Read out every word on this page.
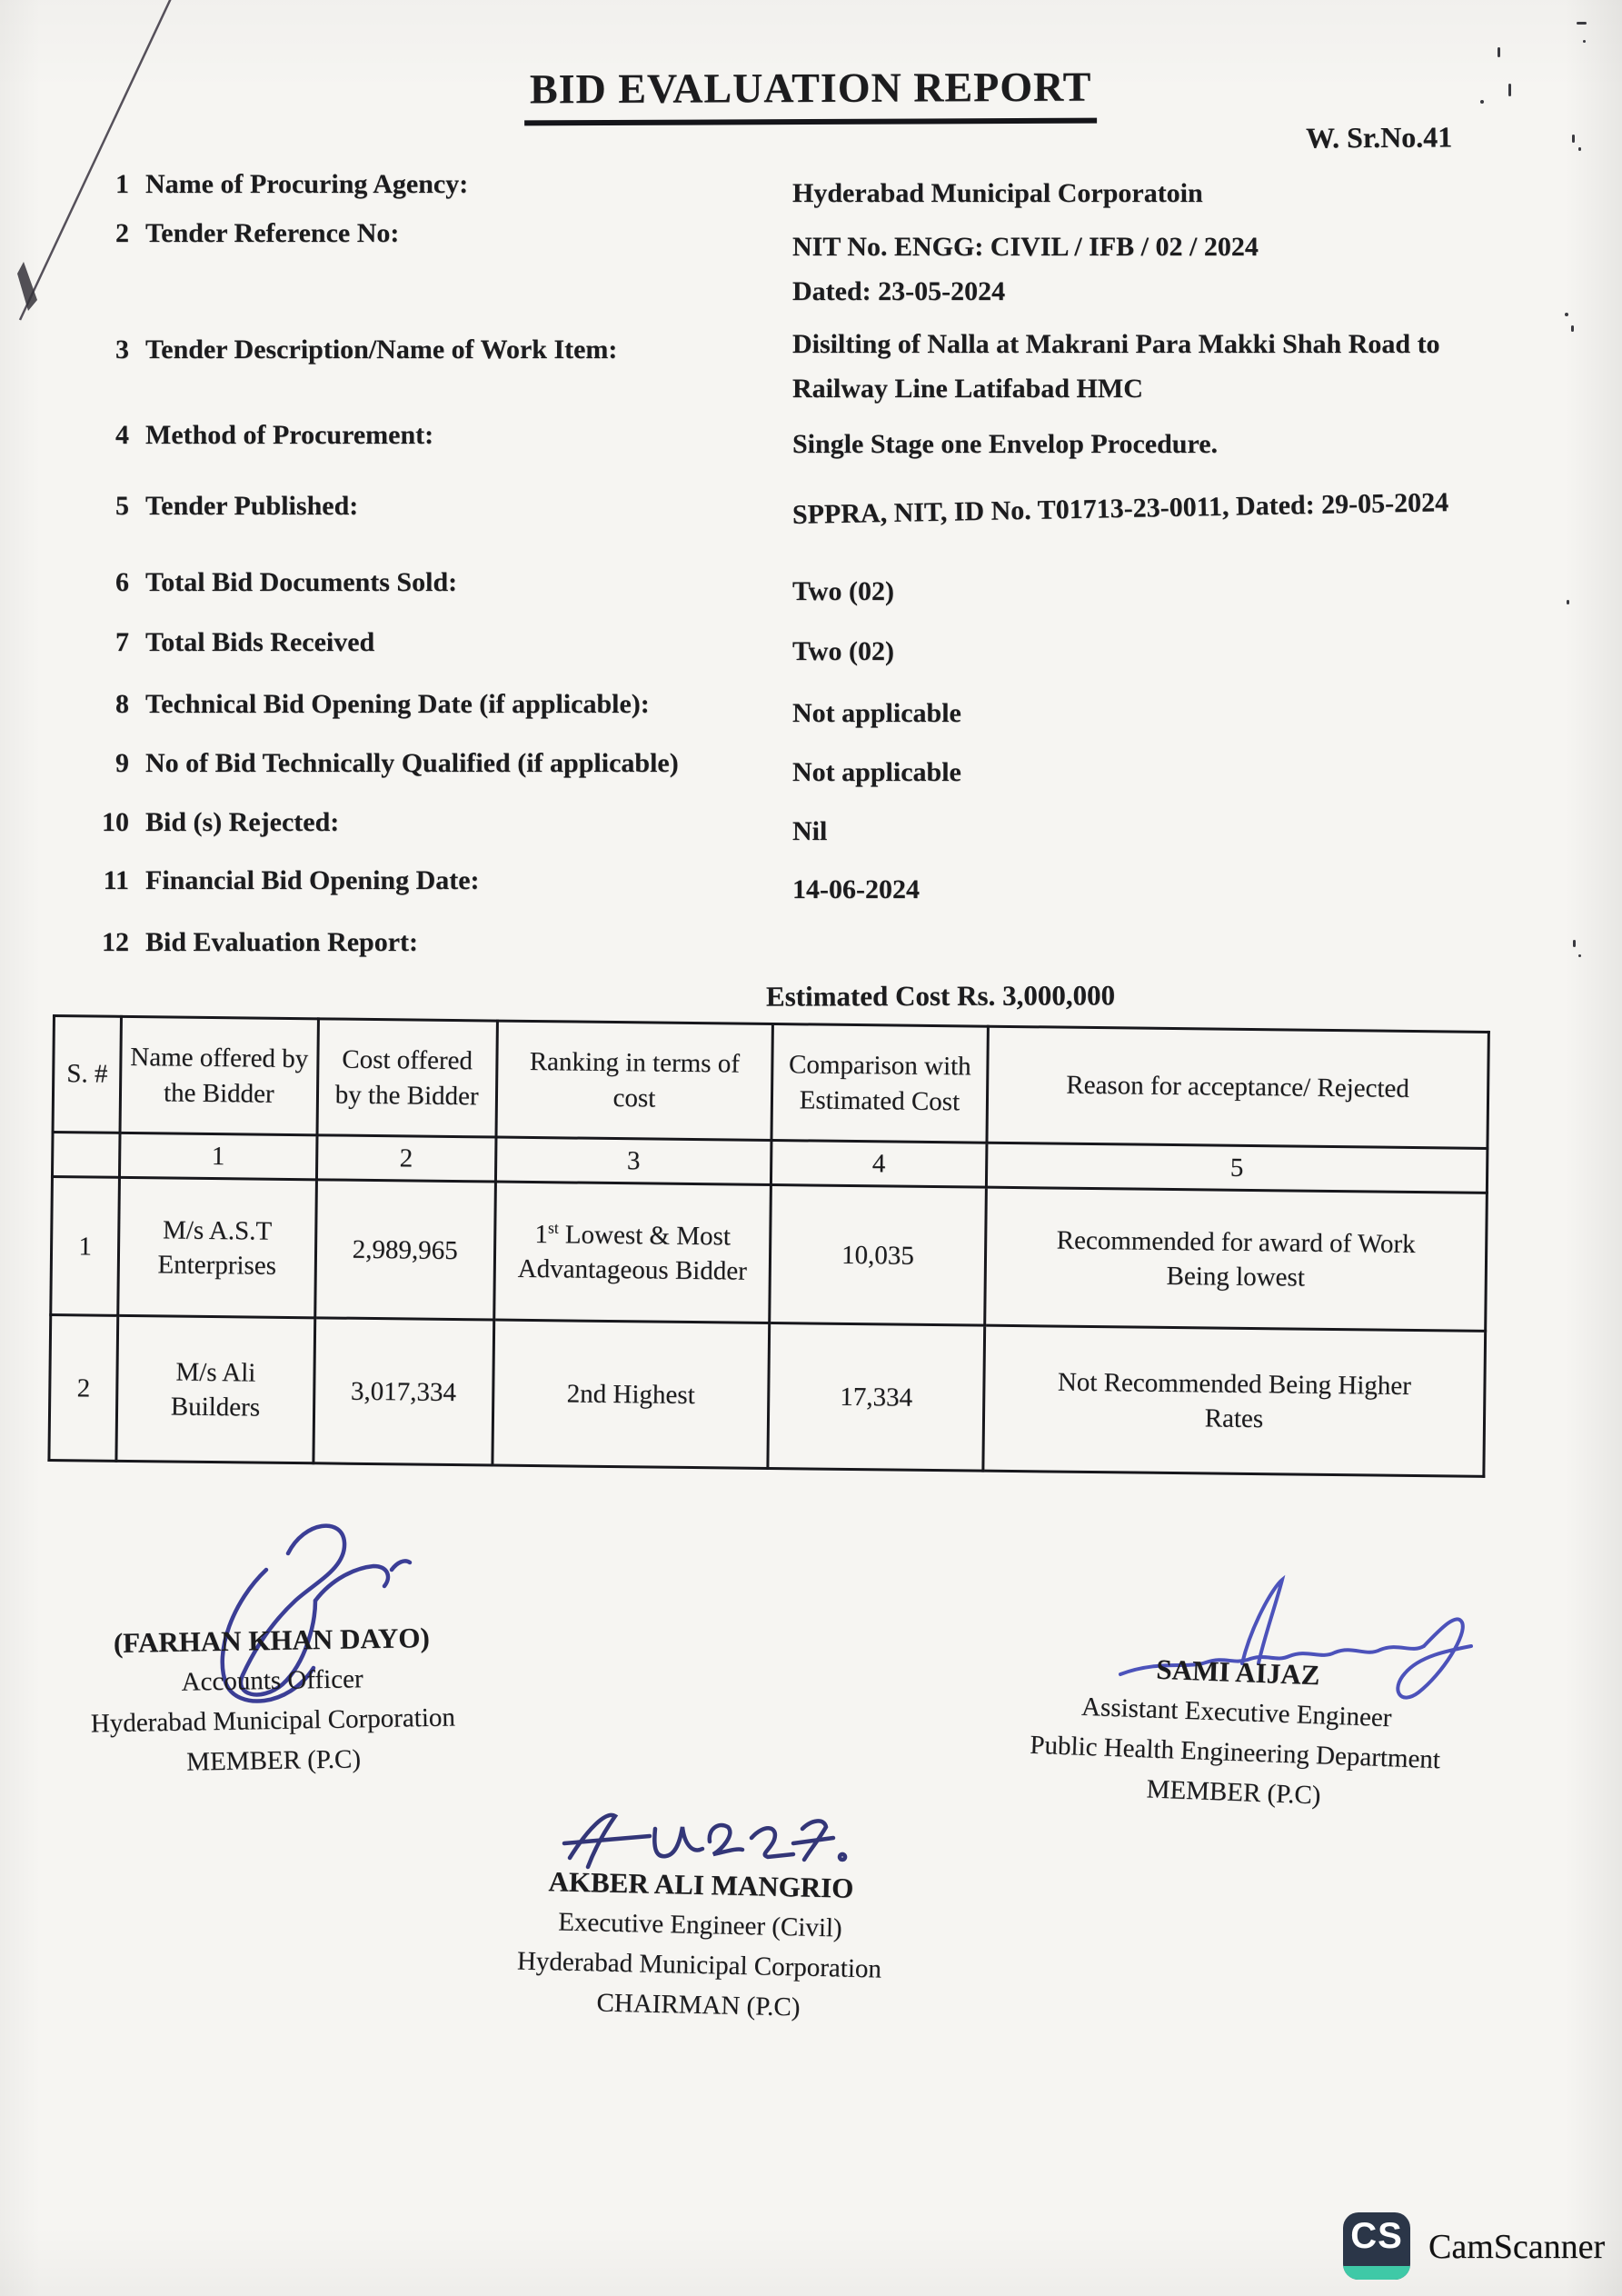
BID EVALUATION REPORT
W. Sr.No.41
1 Name of Procuring Agency:	Hyderabad Municipal Corporatoin
2 Tender Reference No:	NIT No. ENGG: CIVIL / IFB / 02 / 2024
Dated: 23-05-2024
3 Tender Description/Name of Work Item:	Disilting of Nalla at Makrani Para Makki Shah Road to
Railway Line Latifabad HMC
4 Method of Procurement:	Single Stage one Envelop Procedure.
5 Tender Published:	SPPRA, NIT, ID No. T01713-23-0011, Dated: 29-05-2024
6 Total Bid Documents Sold:	Two (02)
7 Total Bids Received	Two (02)
8 Technical Bid Opening Date (if applicable):	Not applicable
9 No of Bid Technically Qualified (if applicable)	Not applicable
10 Bid (s) Rejected:	Nil
11 Financial Bid Opening Date:	14-06-2024
12 Bid Evaluation Report:
Estimated Cost Rs. 3,000,000
S. #	Name offered by the Bidder	Cost offered by the Bidder	Ranking in terms of cost	Comparison with Estimated Cost	Reason for acceptance/ Rejected
	1	2	3	4	5
1	M/s A.S.T
Enterprises	2,989,965	1st Lowest & Most
Advantageous Bidder	10,035	Recommended for award of Work
Being lowest
2	M/s Ali
Builders	3,017,334	2nd Highest	17,334	Not Recommended Being Higher
Rates
(FARHAN KHAN DAYO)
Accounts Officer
Hyderabad Municipal Corporation
MEMBER (P.C)
SAMI AIJAZ
Assistant Executive Engineer
Public Health Engineering Department
MEMBER (P.C)
AKBER ALI MANGRIO
Executive Engineer (Civil)
Hyderabad Municipal Corporation
CHAIRMAN (P.C)
CS CamScanner
